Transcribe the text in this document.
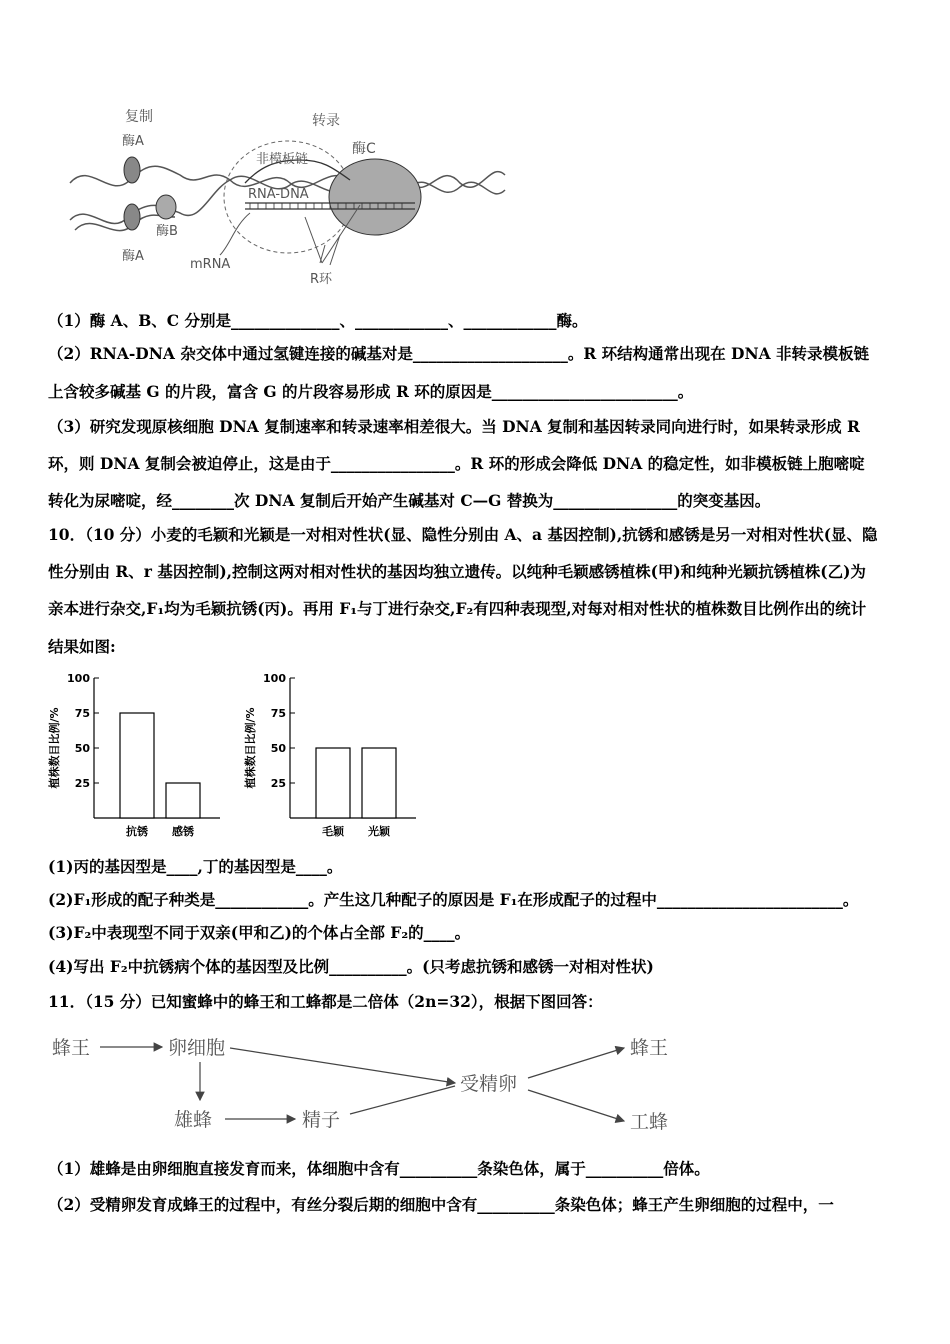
复制	转录
酶A	酶C
非模板链
RNA-DNA
酶B
酶A
mRNA
R环
（1）酶 A、B、C 分别是______________、____________、____________酶。
（2）RNA-DNA 杂交体中通过氢键连接的碱基对是____________________。R 环结构通常出现在 DNA 非转录模板链
上含较多碱基 G 的片段，富含 G 的片段容易形成 R 环的原因是________________________。
（3）研究发现原核细胞 DNA 复制速率和转录速率相差很大。当 DNA 复制和基因转录同向进行时，如果转录形成 R
环，则 DNA 复制会被迫停止，这是由于________________。R 环的形成会降低 DNA 的稳定性，如非模板链上胞嘧啶
转化为尿嘧啶，经________次 DNA 复制后开始产生碱基对 C—G 替换为________________的突变基因。
10．（10 分）小麦的毛颖和光颖是一对相对性状(显、隐性分别由 A、a 基因控制),抗锈和感锈是另一对相对性状(显、隐
性分别由 R、r 基因控制),控制这两对相对性状的基因均独立遗传。以纯种毛颖感锈植株(甲)和纯种光颖抗锈植株(乙)为
亲本进行杂交,F₁均为毛颖抗锈(丙)。再用 F₁与丁进行杂交,F₂有四种表现型,对每对相对性状的植株数目比例作出的统计
结果如图:
植株数目比例/%
100
75
50
25
抗锈 感锈
植株数目比例/%
100
75
50
25
毛颖 光颖
(1)丙的基因型是____,丁的基因型是____。
(2)F₁形成的配子种类是____________。产生这几种配子的原因是 F₁在形成配子的过程中________________________。
(3)F₂中表现型不同于双亲(甲和乙)的个体占全部 F₂的____。
(4)写出 F₂中抗锈病个体的基因型及比例__________。(只考虑抗锈和感锈一对相对性状)
11．（15 分）已知蜜蜂中的蜂王和工蜂都是二倍体（2n=32），根据下图回答：
蜂王	卵细胞
雄蜂	精子
受精卵
蜂王
工蜂
（1）雄蜂是由卵细胞直接发育而来，体细胞中含有__________条染色体，属于__________倍体。
（2）受精卵发育成蜂王的过程中，有丝分裂后期的细胞中含有__________条染色体；蜂王产生卵细胞的过程中，一
